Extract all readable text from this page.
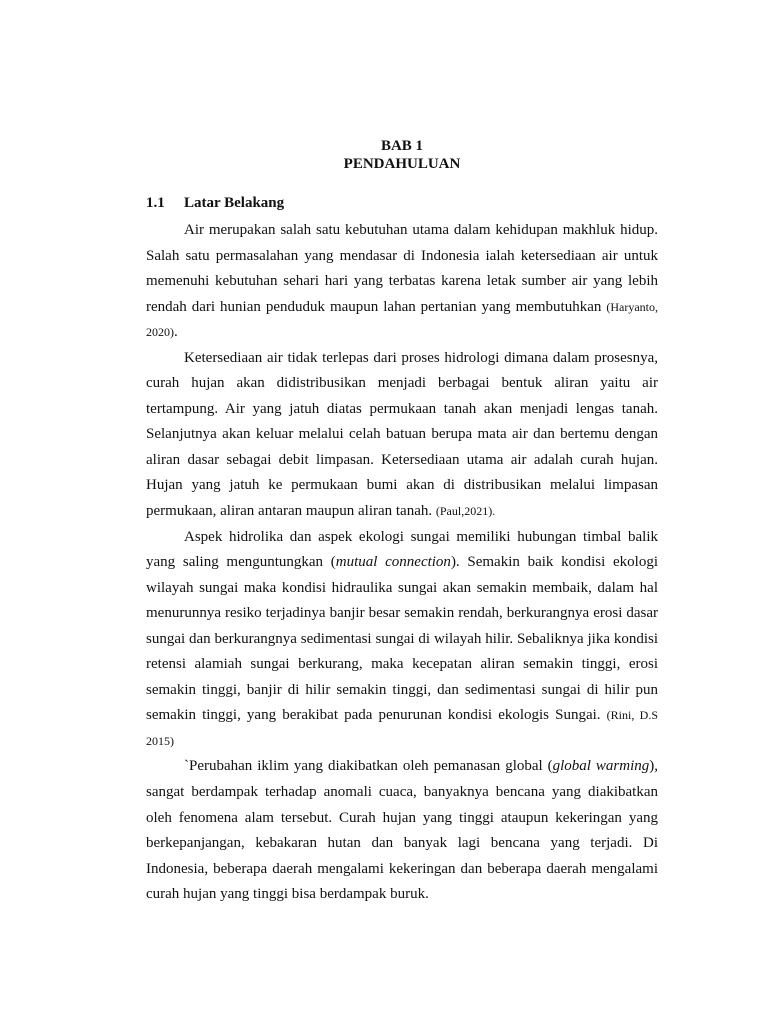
BAB 1
PENDAHULUAN
1.1 Latar Belakang

Air merupakan salah satu kebutuhan utama dalam kehidupan makhluk hidup. Salah satu permasalahan yang mendasar di Indonesia ialah ketersediaan air untuk memenuhi kebutuhan sehari hari yang terbatas karena letak sumber air yang lebih rendah dari hunian penduduk maupun lahan pertanian yang membutuhkan (Haryanto, 2020).

Ketersediaan air tidak terlepas dari proses hidrologi dimana dalam prosesnya, curah hujan akan didistribusikan menjadi berbagai bentuk aliran yaitu air tertampung. Air yang jatuh diatas permukaan tanah akan menjadi lengas tanah. Selanjutnya akan keluar melalui celah batuan berupa mata air dan bertemu dengan aliran dasar sebagai debit limpasan. Ketersediaan utama air adalah curah hujan. Hujan yang jatuh ke permukaan bumi akan di distribusikan melalui limpasan permukaan, aliran antaran maupun aliran tanah. (Paul,2021).

Aspek hidrolika dan aspek ekologi sungai memiliki hubungan timbal balik yang saling menguntungkan (mutual connection). Semakin baik kondisi ekologi wilayah sungai maka kondisi hidraulika sungai akan semakin membaik, dalam hal menurunnya resiko terjadinya banjir besar semakin rendah, berkurangnya erosi dasar sungai dan berkurangnya sedimentasi sungai di wilayah hilir. Sebaliknya jika kondisi retensi alamiah sungai berkurang, maka kecepatan aliran semakin tinggi, erosi semakin tinggi, banjir di hilir semakin tinggi, dan sedimentasi sungai di hilir pun semakin tinggi, yang berakibat pada penurunan kondisi ekologis Sungai. (Rini, D.S 2015)

`Perubahan iklim yang diakibatkan oleh pemanasan global (global warming), sangat berdampak terhadap anomali cuaca, banyaknya bencana yang diakibatkan oleh fenomena alam tersebut. Curah hujan yang tinggi ataupun kekeringan yang berkepanjangan, kebakaran hutan dan banyak lagi bencana yang terjadi. Di Indonesia, beberapa daerah mengalami kekeringan dan beberapa daerah mengalami curah hujan yang tinggi bisa berdampak buruk.
